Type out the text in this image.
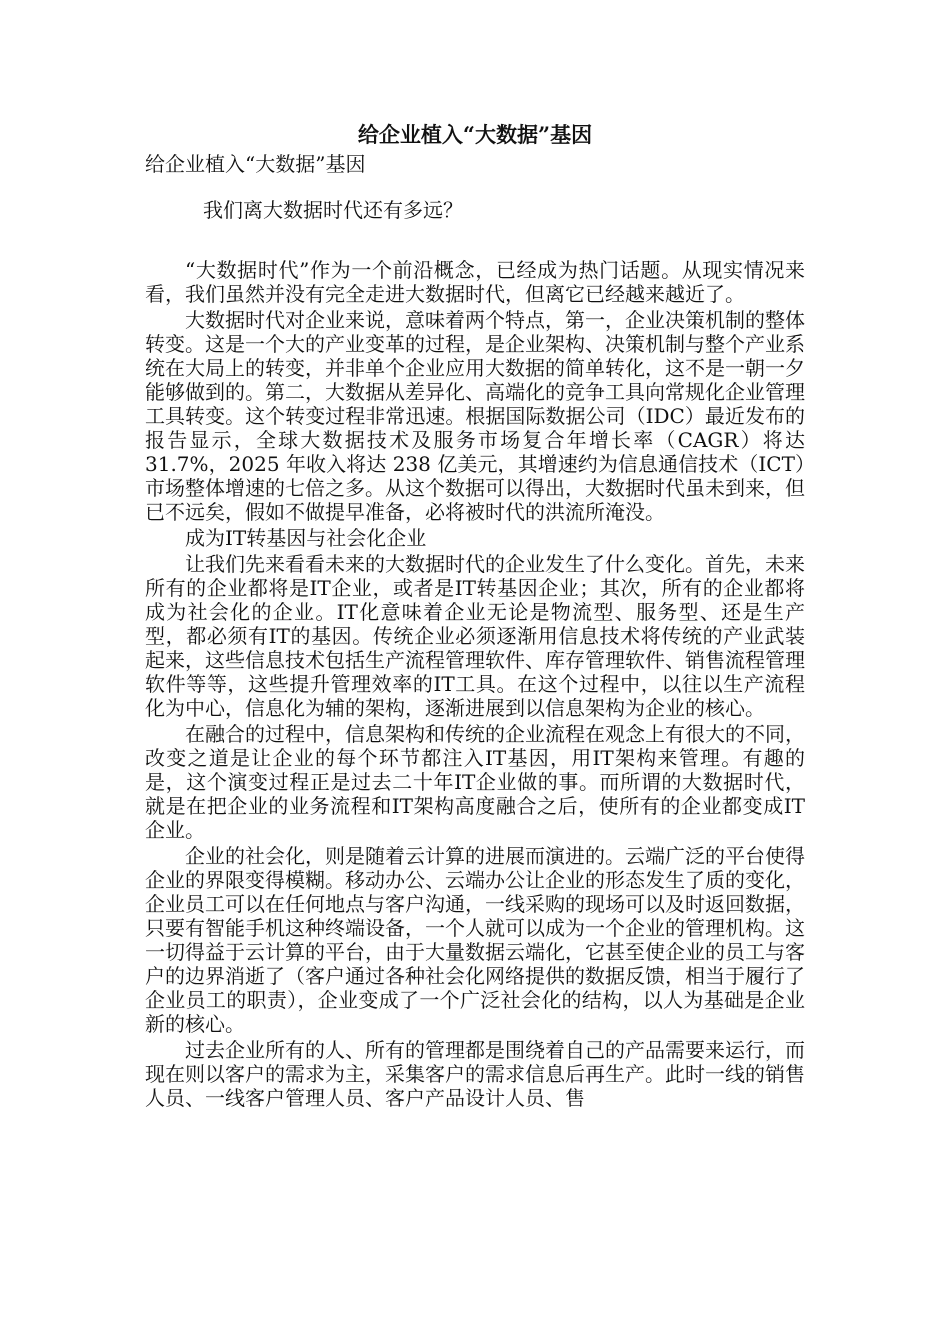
给企业植入“大数据”基因

给企业植入“大数据”基因

我们离大数据时代还有多远？

“大数据时代”作为一个前沿概念，已经成为热门话题。从现实情况来看，我们虽然并没有完全走进大数据时代，但离它已经越来越近了。

大数据时代对企业来说，意味着两个特点，第一，企业决策机制的整体转变。这是一个大的产业变革的过程，是企业架构、决策机制与整个产业系统在大局上的转变，并非单个企业应用大数据的简单转化，这不是一朝一夕能够做到的。第二，大数据从差异化、高端化的竞争工具向常规化企业管理工具转变。这个转变过程非常迅速。根据国际数据公司（IDC）最近发布的报告显示，全球大数据技术及服务市场复合年增长率（CAGR）将达 31.7%，2025 年收入将达 238 亿美元，其增速约为信息通信技术（ICT）市场整体增速的七倍之多。从这个数据可以得出，大数据时代虽未到来，但已不远矣，假如不做提早准备，必将被时代的洪流所淹没。

成为IT转基因与社会化企业

让我们先来看看未来的大数据时代的企业发生了什么变化。首先，未来所有的企业都将是IT企业，或者是IT转基因企业；其次，所有的企业都将成为社会化的企业。IT化意味着企业无论是物流型、服务型、还是生产型，都必须有IT的基因。传统企业必须逐渐用信息技术将传统的产业武装起来，这些信息技术包括生产流程管理软件、库存管理软件、销售流程管理软件等等，这些提升管理效率的IT工具。在这个过程中，以往以生产流程化为中心，信息化为辅的架构，逐渐进展到以信息架构为企业的核心。

在融合的过程中，信息架构和传统的企业流程在观念上有很大的不同，改变之道是让企业的每个环节都注入IT基因，用IT架构来管理。有趣的是，这个演变过程正是过去二十年IT企业做的事。而所谓的大数据时代，就是在把企业的业务流程和IT架构高度融合之后，使所有的企业都变成IT企业。

企业的社会化，则是随着云计算的进展而演进的。云端广泛的平台使得企业的界限变得模糊。移动办公、云端办公让企业的形态发生了质的变化，企业员工可以在任何地点与客户沟通，一线采购的现场可以及时返回数据，只要有智能手机这种终端设备，一个人就可以成为一个企业的管理机构。这一切得益于云计算的平台，由于大量数据云端化，它甚至使企业的员工与客户的边界消逝了（客户通过各种社会化网络提供的数据反馈，相当于履行了企业员工的职责），企业变成了一个广泛社会化的结构，以人为基础是企业新的核心。

过去企业所有的人、所有的管理都是围绕着自己的产品需要来运行，而现在则以客户的需求为主，采集客户的需求信息后再生产。此时一线的销售人员、一线客户管理人员、客户产品设计人员、售
